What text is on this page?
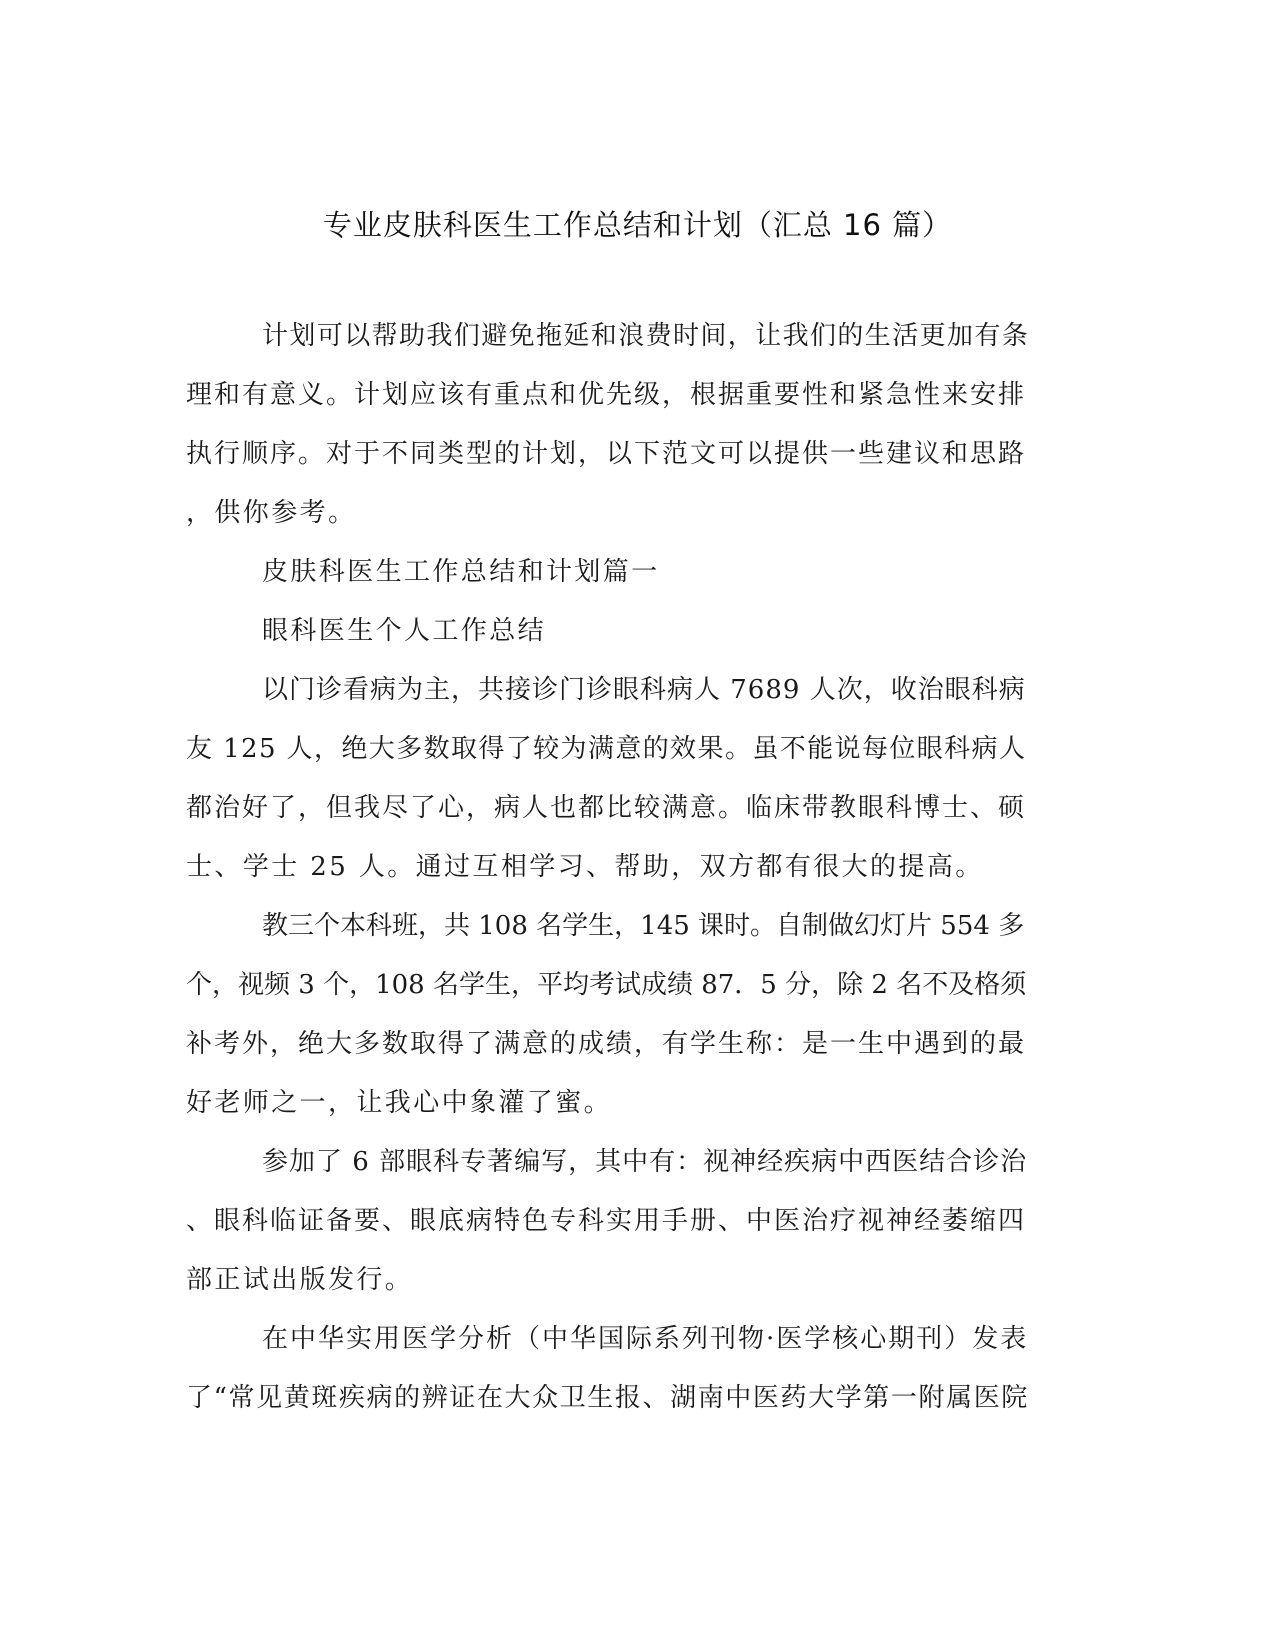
专业皮肤科医生工作总结和计划（汇总 16 篇）
计划可以帮助我们避免拖延和浪费时间，让我们的生活更加有条
理和有意义。计划应该有重点和优先级，根据重要性和紧急性来安排
执行顺序。对于不同类型的计划，以下范文可以提供一些建议和思路
，供你参考。
皮肤科医生工作总结和计划篇一
眼科医生个人工作总结
以门诊看病为主，共接诊门诊眼科病人 7689 人次，收治眼科病
友 125 人，绝大多数取得了较为满意的效果。虽不能说每位眼科病人
都治好了，但我尽了心，病人也都比较满意。临床带教眼科博士、硕
士、学士 25 人。通过互相学习、帮助，双方都有很大的提高。
教三个本科班，共 108 名学生，145 课时。自制做幻灯片 554 多
个，视频 3 个，108 名学生，平均考试成绩 87．5 分，除 2 名不及格须
补考外，绝大多数取得了满意的成绩，有学生称：是一生中遇到的最
好老师之一，让我心中象灌了蜜。
参加了 6 部眼科专著编写，其中有：视神经疾病中西医结合诊治
、眼科临证备要、眼底病特色专科实用手册、中医治疗视神经萎缩四
部正试出版发行。
在中华实用医学分析（中华国际系列刊物·医学核心期刊）发表
了“常见黄斑疾病的辨证在大众卫生报、湖南中医药大学第一附属医院
